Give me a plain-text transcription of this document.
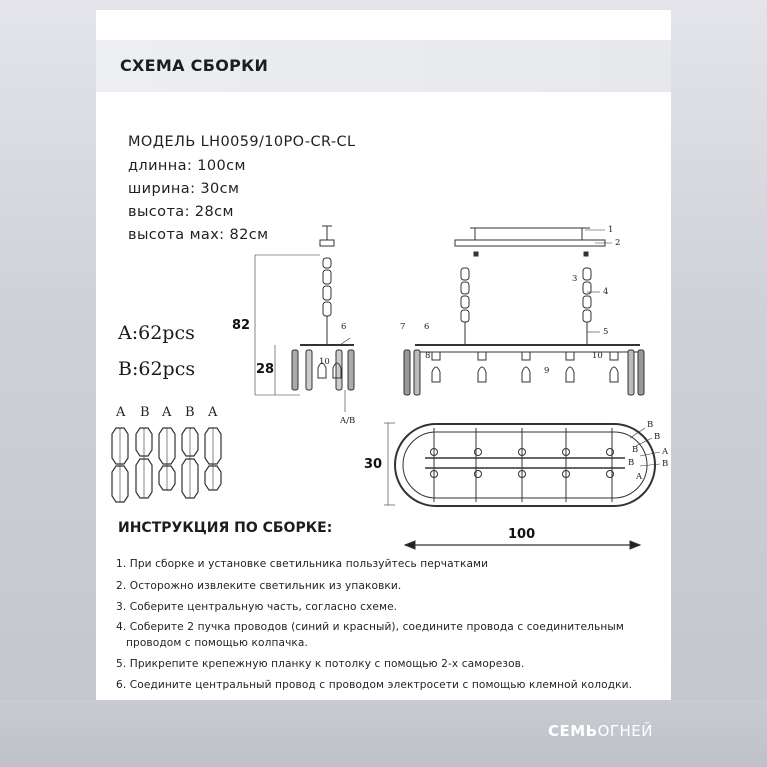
СХЕМА СБОРКИ
МОДЕЛЬ LH0059/10PO-CR-CL
длинна: 100см
ширина: 30см
высота: 28см
высота мах: 82см
A:62pcs
B:62pcs
A B A B A
82
28
30
100
A/B
1
2
3
4
5
6	6
7
8
9
10
10
B
B
A
B
B
B
A
ИНСТРУКЦИЯ ПО СБОРКЕ:
1. При сборке и установке светильника пользуйтесь перчатками
2. Осторожно извлеките светильник из упаковки.
3. Соберите центральную часть, согласно схеме.
4. Соберите 2 пучка проводов (синий и красный), соедините провода с соединительным
проводом с помощью колпачка.
5. Прикрепите крепежную планку к потолку с помощью 2-х саморезов.
6. Соедините центральный провод с проводом электросети с помощью клемной колодки.
СЕМЬОГНЕЙ
